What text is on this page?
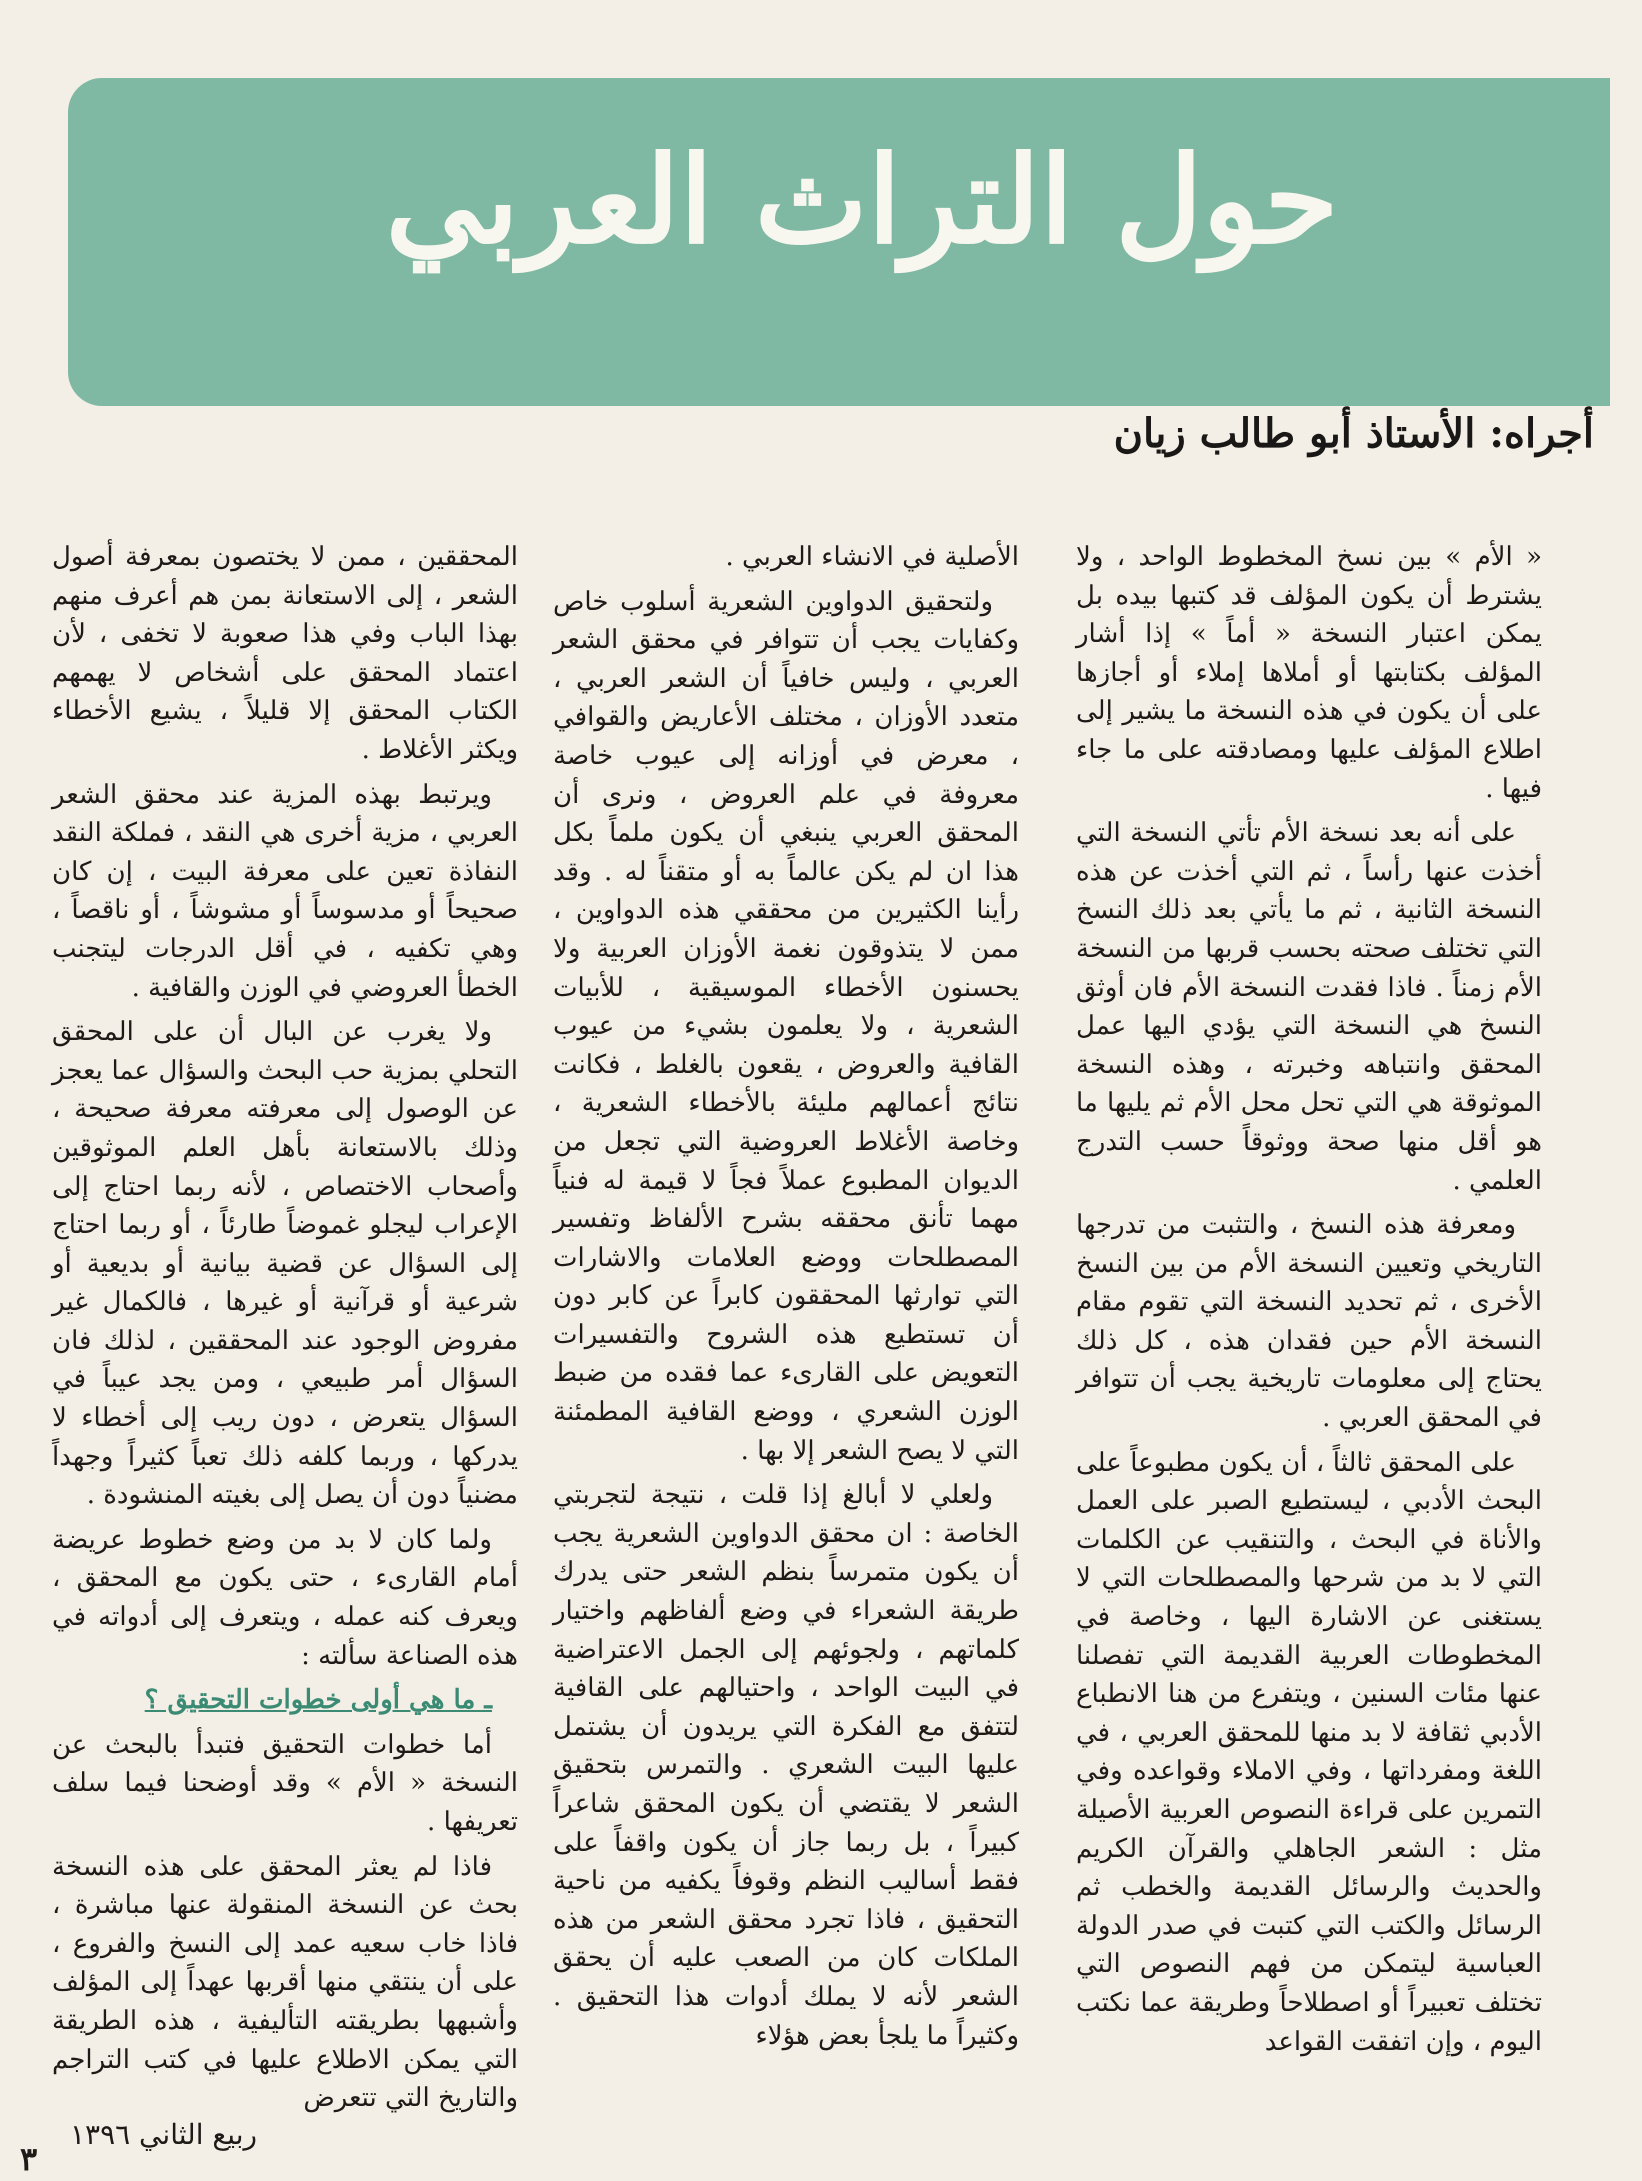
حول التراث العربي
أجراه: الأستاذ أبو طالب زيان

« الأم » بين نسخ المخطوط الواحد ، ولا يشترط أن يكون المؤلف قد كتبها بيده بل يمكن اعتبار النسخة « أماً » إذا أشار المؤلف بكتابتها أو أملاها إملاء أو أجازها على أن يكون في هذه النسخة ما يشير إلى اطلاع المؤلف عليها ومصادقته على ما جاء فيها .

على أنه بعد نسخة الأم تأتي النسخة التي أخذت عنها رأساً ، ثم التي أخذت عن هذه النسخة الثانية ، ثم ما يأتي بعد ذلك النسخ التي تختلف صحته بحسب قربها من النسخة الأم زمناً . فاذا فقدت النسخة الأم فان أوثق النسخ هي النسخة التي يؤدي اليها عمل المحقق وانتباهه وخبرته ، وهذه النسخة الموثوقة هي التي تحل محل الأم ثم يليها ما هو أقل منها صحة ووثوقاً حسب التدرج العلمي .

ومعرفة هذه النسخ ، والتثبت من تدرجها التاريخي وتعيين النسخة الأم من بين النسخ الأخرى ، ثم تحديد النسخة التي تقوم مقام النسخة الأم حين فقدان هذه ، كل ذلك يحتاج إلى معلومات تاريخية يجب أن تتوافر في المحقق العربي .

على المحقق ثالثاً ، أن يكون مطبوعاً على البحث الأدبي ، ليستطيع الصبر على العمل والأناة في البحث ، والتنقيب عن الكلمات التي لا بد من شرحها والمصطلحات التي لا يستغنى عن الاشارة اليها ، وخاصة في المخطوطات العربية القديمة التي تفصلنا عنها مئات السنين ، ويتفرع من هنا الانطباع الأدبي ثقافة لا بد منها للمحقق العربي ، في اللغة ومفرداتها ، وفي الاملاء وقواعده وفي التمرين على قراءة النصوص العربية الأصيلة مثل : الشعر الجاهلي والقرآن الكريم والحديث والرسائل القديمة والخطب ثم الرسائل والكتب التي كتبت في صدر الدولة العباسية ليتمكن من فهم النصوص التي تختلف تعبيراً أو اصطلاحاً وطريقة عما نكتب اليوم ، وإن اتفقت القواعد

الأصلية في الانشاء العربي .

ولتحقيق الدواوين الشعرية أسلوب خاص وكفايات يجب أن تتوافر في محقق الشعر العربي ، وليس خافياً أن الشعر العربي ، متعدد الأوزان ، مختلف الأعاريض والقوافي ، معرض في أوزانه إلى عيوب خاصة معروفة في علم العروض ، ونرى أن المحقق العربي ينبغي أن يكون ملماً بكل هذا ان لم يكن عالماً به أو متقناً له . وقد رأينا الكثيرين من محققي هذه الدواوين ، ممن لا يتذوقون نغمة الأوزان العربية ولا يحسنون الأخطاء الموسيقية ، للأبيات الشعرية ، ولا يعلمون بشيء من عيوب القافية والعروض ، يقعون بالغلط ، فكانت نتائج أعمالهم مليئة بالأخطاء الشعرية ، وخاصة الأغلاط العروضية التي تجعل من الديوان المطبوع عملاً فجاً لا قيمة له فنياً مهما تأنق محققه بشرح الألفاظ وتفسير المصطلحات ووضع العلامات والاشارات التي توارثها المحققون كابراً عن كابر دون أن تستطيع هذه الشروح والتفسيرات التعويض على القارىء عما فقده من ضبط الوزن الشعري ، ووضع القافية المطمئنة التي لا يصح الشعر إلا بها .

ولعلي لا أبالغ إذا قلت ، نتيجة لتجربتي الخاصة : ان محقق الدواوين الشعرية يجب أن يكون متمرساً بنظم الشعر حتى يدرك طريقة الشعراء في وضع ألفاظهم واختيار كلماتهم ، ولجوئهم إلى الجمل الاعتراضية في البيت الواحد ، واحتيالهم على القافية لتتفق مع الفكرة التي يريدون أن يشتمل عليها البيت الشعري . والتمرس بتحقيق الشعر لا يقتضي أن يكون المحقق شاعراً كبيراً ، بل ربما جاز أن يكون واقفاً على فقط أساليب النظم وقوفاً يكفيه من ناحية التحقيق ، فاذا تجرد محقق الشعر من هذه الملكات كان من الصعب عليه أن يحقق الشعر لأنه لا يملك أدوات هذا التحقيق . وكثيراً ما يلجأ بعض هؤلاء

المحققين ، ممن لا يختصون بمعرفة أصول الشعر ، إلى الاستعانة بمن هم أعرف منهم بهذا الباب وفي هذا صعوبة لا تخفى ، لأن اعتماد المحقق على أشخاص لا يهمهم الكتاب المحقق إلا قليلاً ، يشيع الأخطاء ويكثر الأغلاط .

ويرتبط بهذه المزية عند محقق الشعر العربي ، مزية أخرى هي النقد ، فملكة النقد النفاذة تعين على معرفة البيت ، إن كان صحيحاً أو مدسوساً أو مشوشاً ، أو ناقصاً ، وهي تكفيه ، في أقل الدرجات ليتجنب الخطأ العروضي في الوزن والقافية .

ولا يغرب عن البال أن على المحقق التحلي بمزية حب البحث والسؤال عما يعجز عن الوصول إلى معرفته معرفة صحيحة ، وذلك بالاستعانة بأهل العلم الموثوقين وأصحاب الاختصاص ، لأنه ربما احتاج إلى الإعراب ليجلو غموضاً طارئاً ، أو ربما احتاج إلى السؤال عن قضية بيانية أو بديعية أو شرعية أو قرآنية أو غيرها ، فالكمال غير مفروض الوجود عند المحققين ، لذلك فان السؤال أمر طبيعي ، ومن يجد عيباً في السؤال يتعرض ، دون ريب إلى أخطاء لا يدركها ، وربما كلفه ذلك تعباً كثيراً وجهداً مضنياً دون أن يصل إلى بغيته المنشودة .

ولما كان لا بد من وضع خطوط عريضة أمام القارىء ، حتى يكون مع المحقق ، ويعرف كنه عمله ، ويتعرف إلى أدواته في هذه الصناعة سألته :

ـ ما هي أولى خطوات التحقيق ؟

أما خطوات التحقيق فتبدأ بالبحث عن النسخة « الأم » وقد أوضحنا فيما سلف تعريفها .

فاذا لم يعثر المحقق على هذه النسخة بحث عن النسخة المنقولة عنها مباشرة ، فاذا خاب سعيه عمد إلى النسخ والفروع ، على أن ينتقي منها أقربها عهداً إلى المؤلف وأشبهها بطريقته التأليفية ، هذه الطريقة التي يمكن الاطلاع عليها في كتب التراجم والتاريخ التي تتعرض

ربيع الثاني ١٣٩٦
٣
